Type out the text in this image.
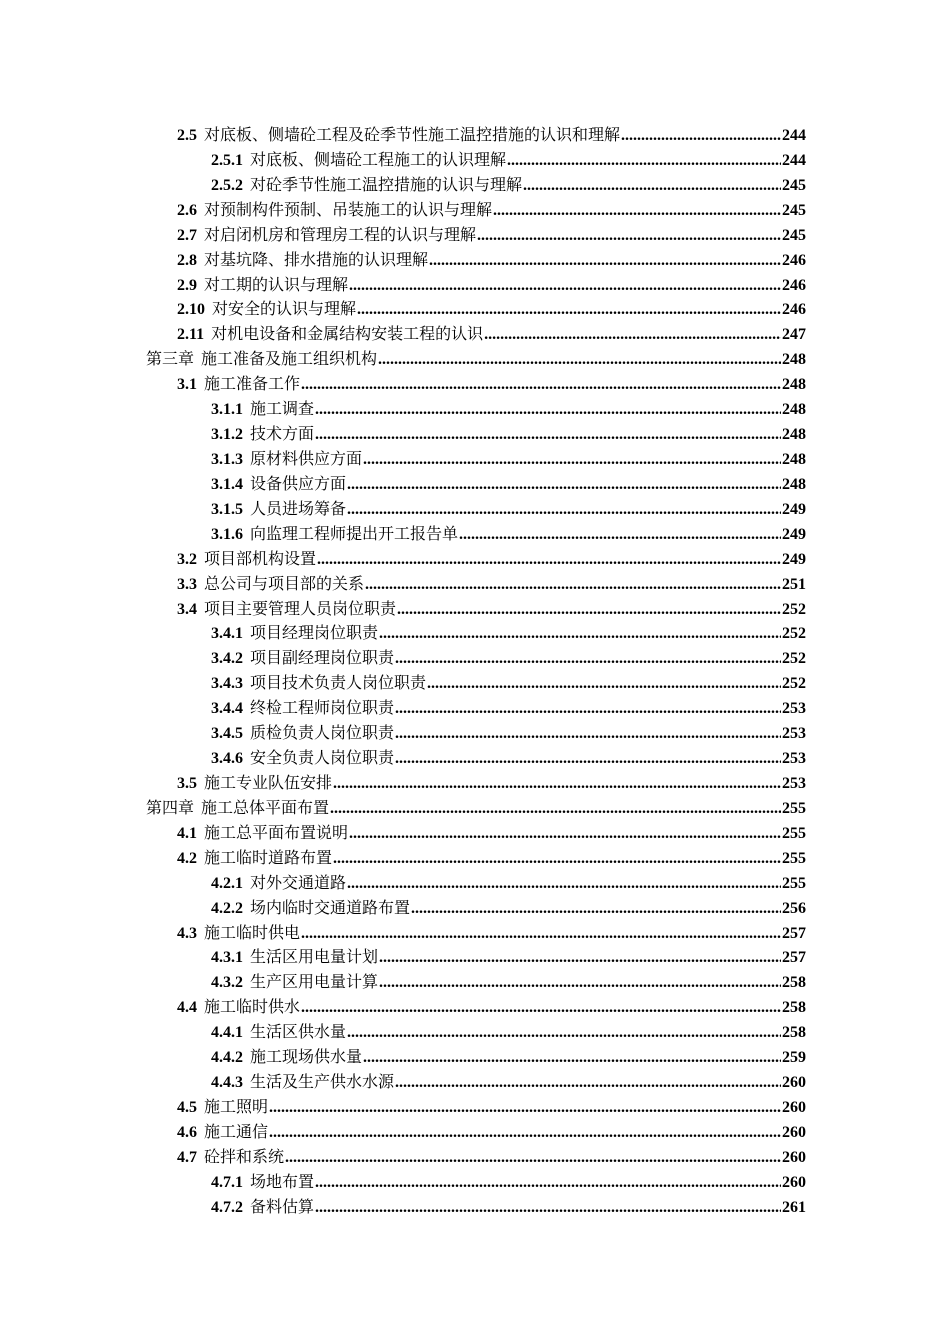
2.5 对底板、侧墙砼工程及砼季节性施工温控措施的认识和理解 .....	244
2.5.1 对底板、侧墙砼工程施工的认识理解 .....	244
2.5.2 对砼季节性施工温控措施的认识与理解 .....	245
2.6 对预制构件预制、吊装施工的认识与理解 .....	245
2.7 对启闭机房和管理房工程的认识与理解 .....	245
2.8 对基坑降、排水措施的认识理解 .....	246
2.9 对工期的认识与理解 .....	246
2.10 对安全的认识与理解 .....	246
2.11 对机电设备和金属结构安装工程的认识 .....	247
第三章 施工准备及施工组织机构 .....	248
3.1 施工准备工作 .....	248
3.1.1 施工调查 .....	248
3.1.2 技术方面 .....	248
3.1.3 原材料供应方面 .....	248
3.1.4 设备供应方面 .....	248
3.1.5 人员进场筹备 .....	249
3.1.6 向监理工程师提出开工报告单 .....	249
3.2 项目部机构设置 .....	249
3.3 总公司与项目部的关系 .....	251
3.4 项目主要管理人员岗位职责 .....	252
3.4.1 项目经理岗位职责 .....	252
3.4.2 项目副经理岗位职责 .....	252
3.4.3 项目技术负责人岗位职责 .....	252
3.4.4 终检工程师岗位职责 .....	253
3.4.5 质检负责人岗位职责 .....	253
3.4.6 安全负责人岗位职责 .....	253
3.5 施工专业队伍安排 .....	253
第四章 施工总体平面布置 .....	255
4.1 施工总平面布置说明 .....	255
4.2 施工临时道路布置 .....	255
4.2.1 对外交通道路 .....	255
4.2.2 场内临时交通道路布置 .....	256
4.3 施工临时供电 .....	257
4.3.1 生活区用电量计划 .....	257
4.3.2 生产区用电量计算 .....	258
4.4 施工临时供水 .....	258
4.4.1 生活区供水量 .....	258
4.4.2 施工现场供水量 .....	259
4.4.3 生活及生产供水水源 .....	260
4.5 施工照明 .....	260
4.6 施工通信 .....	260
4.7 砼拌和系统 .....	260
4.7.1 场地布置 .....	260
4.7.2 备料估算 .....	261
